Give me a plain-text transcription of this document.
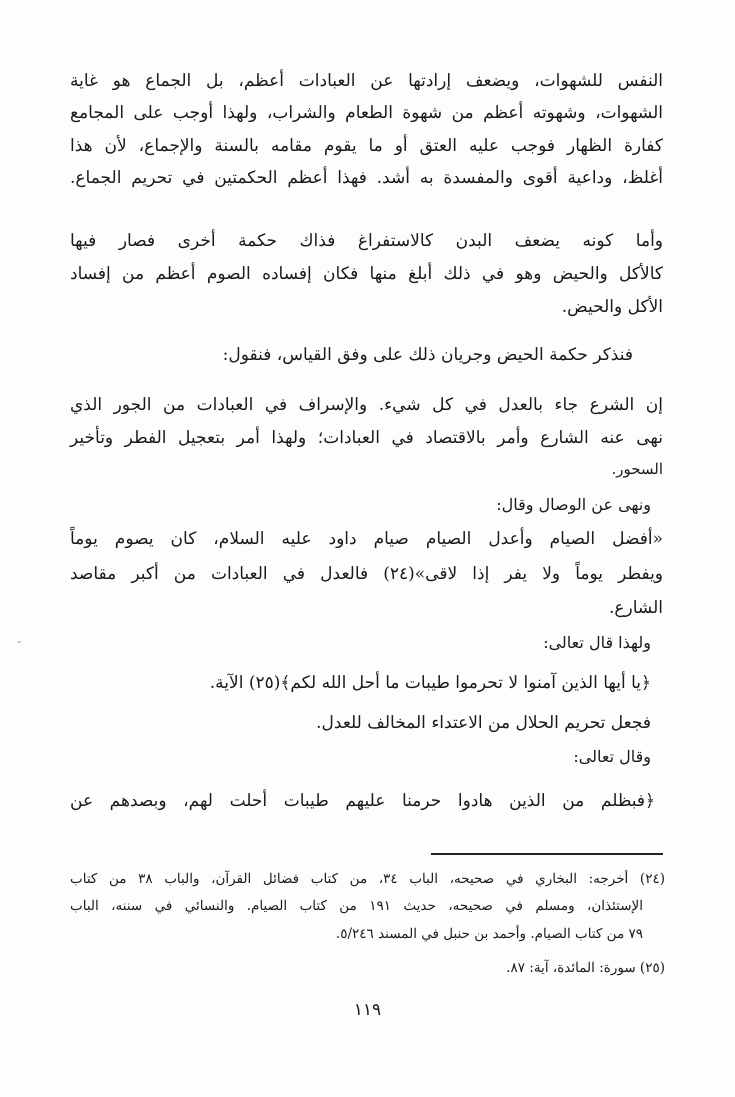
النفس للشهوات، ويضعف إرادتها عن العبادات أعظم، بل الجماع هو غاية
الشهوات، وشهوته أعظم من شهوة الطعام والشراب، ولهذا أوجب على المجامع
كفارة الظهار فوجب عليه العتق أو ما يقوم مقامه بالسنة والإجماع، لأن هذا
أغلظ، وداعية أقوى والمفسدة به أشد. فهذا أعظم الحكمتين في تحريم الجماع.
وأما كونه يضعف البدن كالاستفراغ فذاك حكمة أخرى فصار فيها
كالأكل والحيض وهو في ذلك أبلغ منها فكان إفساده الصوم أعظم من إفساد
الأكل والحيض.
فنذكر حكمة الحيض وجريان ذلك على وفق القياس، فنقول:
إن الشرع جاء بالعدل في كل شيء. والإسراف في العبادات من الجور الذي
نهى عنه الشارع وأمر بالاقتصاد في العبادات؛ ولهذا أمر بتعجيل الفطر وتأخير
السحور.
ونهى عن الوصال وقال:
«أفضل الصيام وأعدل الصيام صيام داود عليه السلام، كان يصوم يوماً
ويفطر يوماً ولا يفر إذا لاقى»(٢٤) فالعدل في العبادات من أكبر مقاصد
الشارع.
ولهذا قال تعالى:
﴿يا أيها الذين آمنوا لا تحرموا طيبات ما أحل الله لكم﴾(٢٥) الآية.
فجعل تحريم الحلال من الاعتداء المخالف للعدل.
وقال تعالى:
﴿فبظلم من الذين هادوا حرمنا عليهم طيبات أحلت لهم، وبصدهم عن
(٢٤) أخرجه: البخاري في صحيحه، الباب ٣٤، من كتاب فضائل القرآن، والباب ٣٨ من كتاب
الإستئذان، ومسلم في صحيحه، حديث ١٩١ من كتاب الصيام. والنسائي في سننه، الباب
٧٩ من كتاب الصيام. وأحمد بن حنبل في المسند ٥/٢٤٦.
(٢٥) سورة: المائدة، آية: ٨٧.
١١٩
˘
